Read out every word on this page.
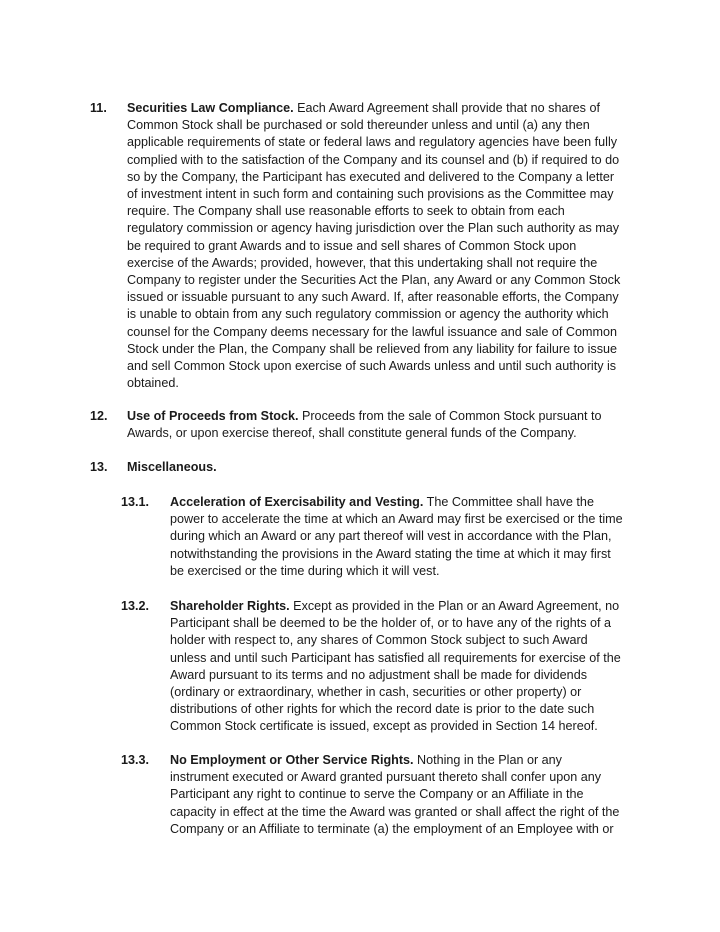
11. Securities Law Compliance. Each Award Agreement shall provide that no shares of
Common Stock shall be purchased or sold thereunder unless and until (a) any then
applicable requirements of state or federal laws and regulatory agencies have been fully
complied with to the satisfaction of the Company and its counsel and (b) if required to do
so by the Company, the Participant has executed and delivered to the Company a letter
of investment intent in such form and containing such provisions as the Committee may
require. The Company shall use reasonable efforts to seek to obtain from each
regulatory commission or agency having jurisdiction over the Plan such authority as may
be required to grant Awards and to issue and sell shares of Common Stock upon
exercise of the Awards; provided, however, that this undertaking shall not require the
Company to register under the Securities Act the Plan, any Award or any Common Stock
issued or issuable pursuant to any such Award. If, after reasonable efforts, the Company
is unable to obtain from any such regulatory commission or agency the authority which
counsel for the Company deems necessary for the lawful issuance and sale of Common
Stock under the Plan, the Company shall be relieved from any liability for failure to issue
and sell Common Stock upon exercise of such Awards unless and until such authority is
obtained.
12. Use of Proceeds from Stock. Proceeds from the sale of Common Stock pursuant to
Awards, or upon exercise thereof, shall constitute general funds of the Company.
13. Miscellaneous.
13.1. Acceleration of Exercisability and Vesting. The Committee shall have the
power to accelerate the time at which an Award may first be exercised or the time
during which an Award or any part thereof will vest in accordance with the Plan,
notwithstanding the provisions in the Award stating the time at which it may first
be exercised or the time during which it will vest.
13.2. Shareholder Rights. Except as provided in the Plan or an Award Agreement, no
Participant shall be deemed to be the holder of, or to have any of the rights of a
holder with respect to, any shares of Common Stock subject to such Award
unless and until such Participant has satisfied all requirements for exercise of the
Award pursuant to its terms and no adjustment shall be made for dividends
(ordinary or extraordinary, whether in cash, securities or other property) or
distributions of other rights for which the record date is prior to the date such
Common Stock certificate is issued, except as provided in Section 14 hereof.
13.3. No Employment or Other Service Rights. Nothing in the Plan or any
instrument executed or Award granted pursuant thereto shall confer upon any
Participant any right to continue to serve the Company or an Affiliate in the
capacity in effect at the time the Award was granted or shall affect the right of the
Company or an Affiliate to terminate (a) the employment of an Employee with or
